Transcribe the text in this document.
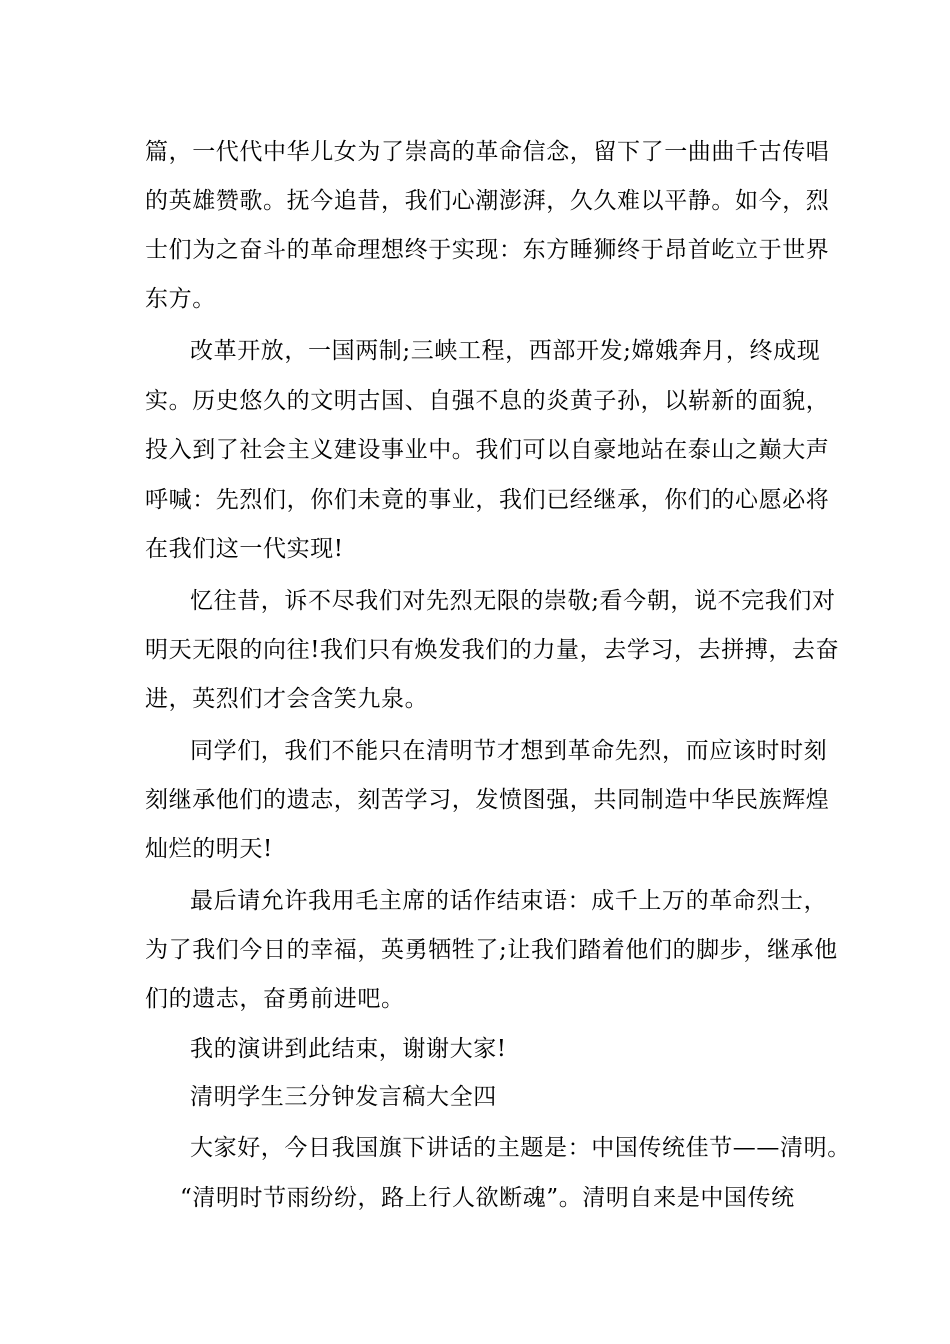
篇，一代代中华儿女为了崇高的革命信念，留下了一曲曲千古传唱
的英雄赞歌。抚今追昔，我们心潮澎湃，久久难以平静。如今，烈
士们为之奋斗的革命理想终于实现：东方睡狮终于昂首屹立于世界
东方。
改革开放，一国两制;三峡工程，西部开发;嫦娥奔月，终成现
实。历史悠久的文明古国、自强不息的炎黄子孙，以崭新的面貌，
投入到了社会主义建设事业中。我们可以自豪地站在泰山之巅大声
呼喊：先烈们，你们未竟的事业，我们已经继承，你们的心愿必将
在我们这一代实现!
忆往昔，诉不尽我们对先烈无限的崇敬;看今朝，说不完我们对
明天无限的向往!我们只有焕发我们的力量，去学习，去拼搏，去奋
进，英烈们才会含笑九泉。
同学们，我们不能只在清明节才想到革命先烈，而应该时时刻
刻继承他们的遗志，刻苦学习，发愤图强，共同制造中华民族辉煌
灿烂的明天!
最后请允许我用毛主席的话作结束语：成千上万的革命烈士，
为了我们今日的幸福，英勇牺牲了;让我们踏着他们的脚步，继承他
们的遗志，奋勇前进吧。
我的演讲到此结束，谢谢大家!
清明学生三分钟发言稿大全四
大家好，今日我国旗下讲话的主题是：中国传统佳节——清明。
“清明时节雨纷纷，路上行人欲断魂”。清明自来是中国传统
